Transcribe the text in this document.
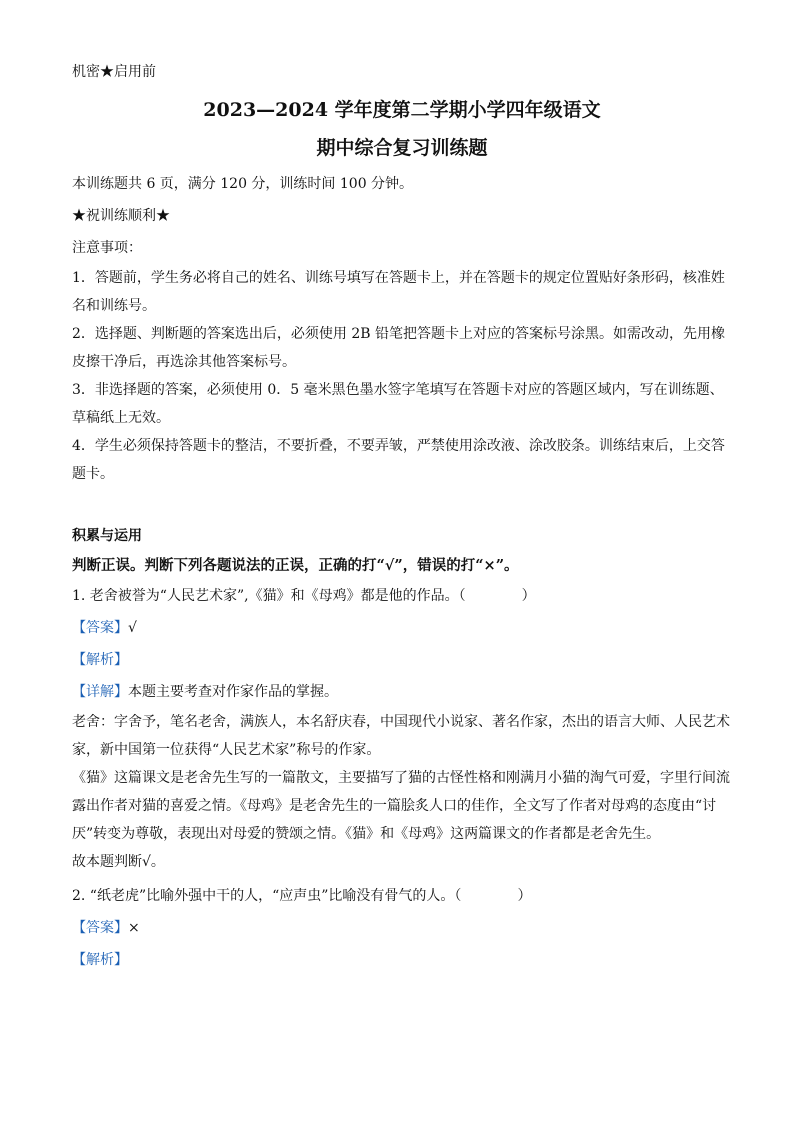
机密★启用前
2023—2024 学年度第二学期小学四年级语文
期中综合复习训练题
本训练题共 6 页，满分 120 分，训练时间 100 分钟。
★祝训练顺利★
注意事项：
1．答题前，学生务必将自己的姓名、训练号填写在答题卡上，并在答题卡的规定位置贴好条形码，核准姓名和训练号。
2．选择题、判断题的答案选出后，必须使用 2B 铅笔把答题卡上对应的答案标号涂黑。如需改动，先用橡皮擦干净后，再选涂其他答案标号。
3．非选择题的答案，必须使用 0．5 毫米黑色墨水签字笔填写在答题卡对应的答题区域内，写在训练题、草稿纸上无效。
4．学生必须保持答题卡的整洁，不要折叠，不要弄皱，严禁使用涂改液、涂改胶条。训练结束后，上交答题卡。
积累与运用
判断正误。判断下列各题说法的正误，正确的打“√”，错误的打“×”。
1. 老舍被誉为“人民艺术家”,《猫》和《母鸡》都是他的作品。（	）
【答案】√
【解析】
【详解】本题主要考查对作家作品的掌握。
老舍：字舍予，笔名老舍，满族人，本名舒庆春，中国现代小说家、著名作家，杰出的语言大师、人民艺术家，新中国第一位获得“人民艺术家”称号的作家。
《猫》这篇课文是老舍先生写的一篇散文，主要描写了猫的古怪性格和刚满月小猫的淘气可爱，字里行间流露出作者对猫的喜爱之情。《母鸡》是老舍先生的一篇脍炙人口的佳作，全文写了作者对母鸡的态度由“讨厌”转变为尊敬，表现出对母爱的赞颂之情。《猫》和《母鸡》这两篇课文的作者都是老舍先生。
故本题判断√。
2. “纸老虎”比喻外强中干的人，“应声虫”比喻没有骨气的人。（	）
【答案】×
【解析】
